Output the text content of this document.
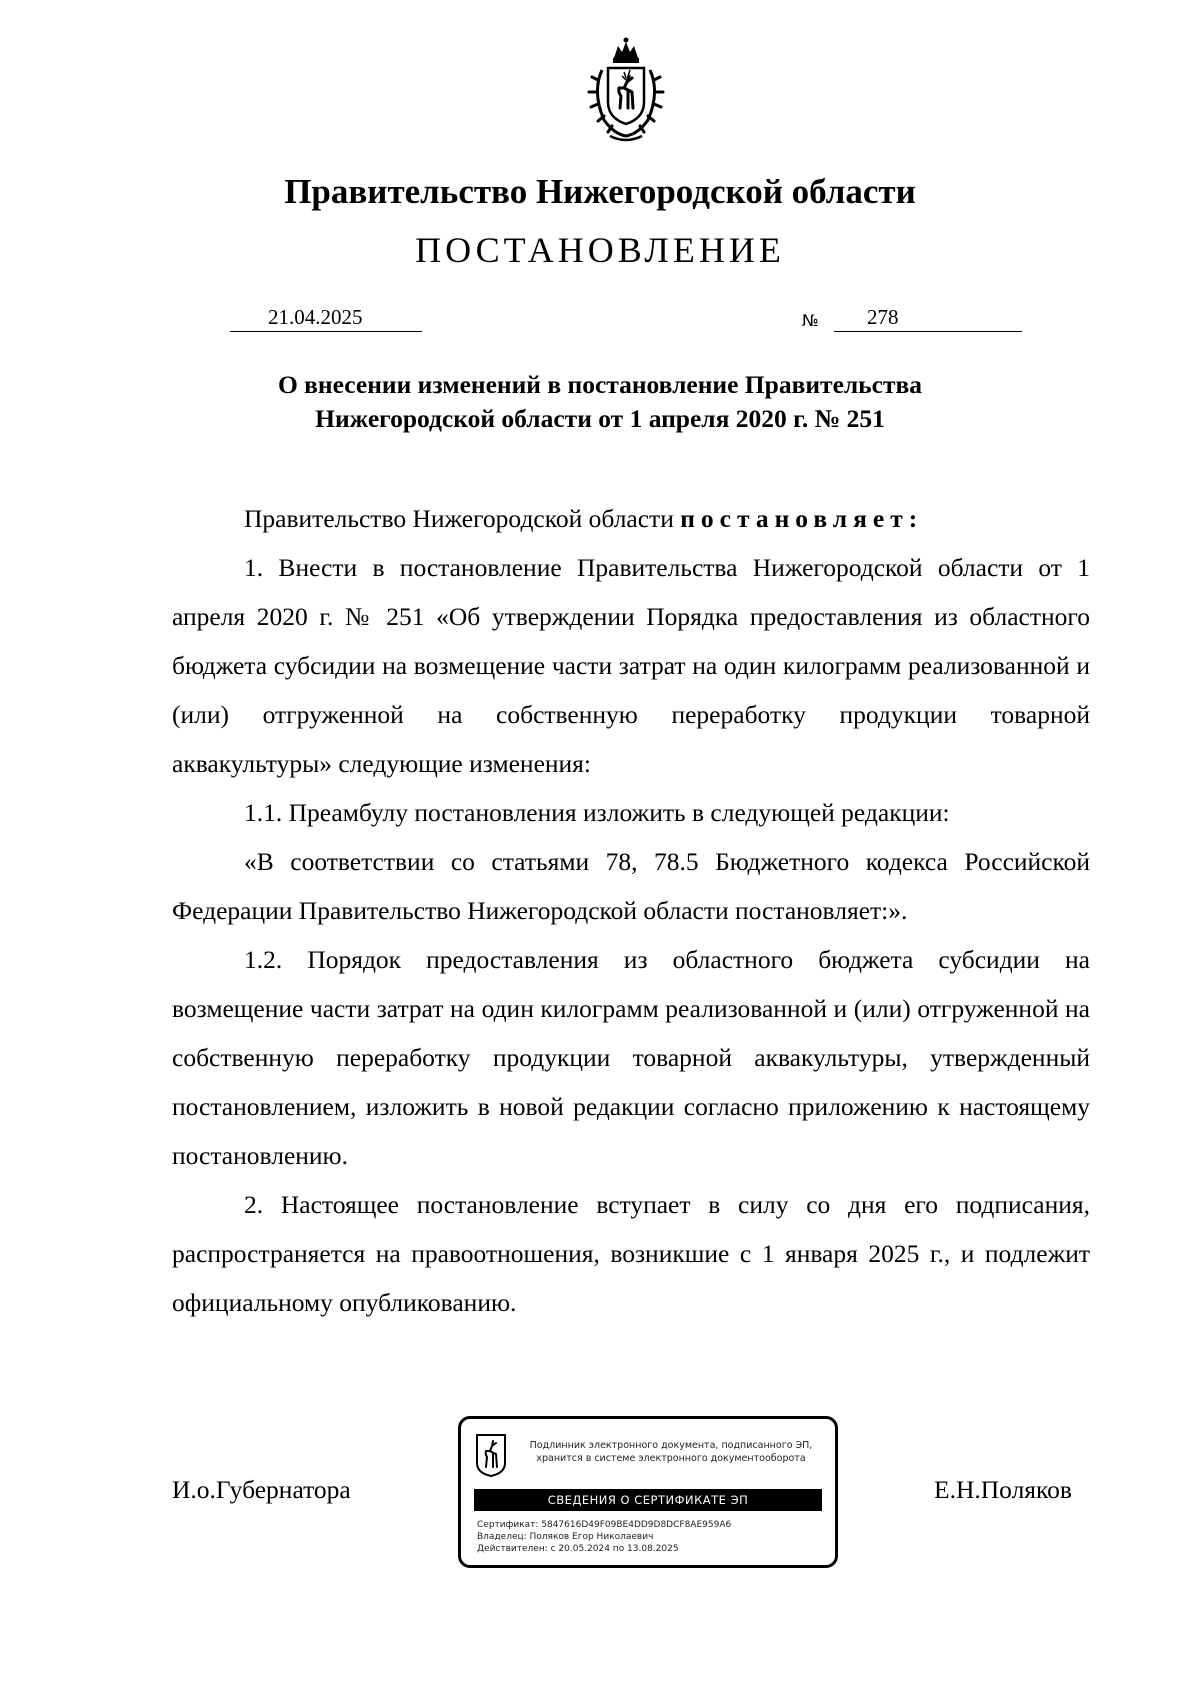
Правительство Нижегородской области
ПОСТАНОВЛЕНИЕ
21.04.2025	№ 278
О внесении изменений в постановление Правительства
Нижегородской области от 1 апреля 2020 г. № 251

Правительство Нижегородской области постановляет:

1. Внести в постановление Правительства Нижегородской области от 1 апреля 2020 г. № 251 «Об утверждении Порядка предоставления из областного бюджета субсидии на возмещение части затрат на один килограмм реализованной и (или) отгруженной на собственную переработку продукции товарной аквакультуры» следующие изменения:

1.1. Преамбулу постановления изложить в следующей редакции:

«В соответствии со статьями 78, 78.5 Бюджетного кодекса Российской Федерации Правительство Нижегородской области постановляет:».

1.2. Порядок предоставления из областного бюджета субсидии на возмещение части затрат на один килограмм реализованной и (или) отгруженной на собственную переработку продукции товарной аквакультуры, утвержденный постановлением, изложить в новой редакции согласно приложению к настоящему постановлению.

2. Настоящее постановление вступает в силу со дня его подписания, распространяется на правоотношения, возникшие с 1 января 2025 г., и подлежит официальному опубликованию.

И.о.Губернатора	Е.Н.Поляков
Подлинник электронного документа, подписанного ЭП,
хранится в системе электронного документооборота
СВЕДЕНИЯ О СЕРТИФИКАТЕ ЭП
Сертификат: 5847616D49F09BE4DD9D8DCF8AE959A6
Владелец: Поляков Егор Николаевич
Действителен: с 20.05.2024 по 13.08.2025
